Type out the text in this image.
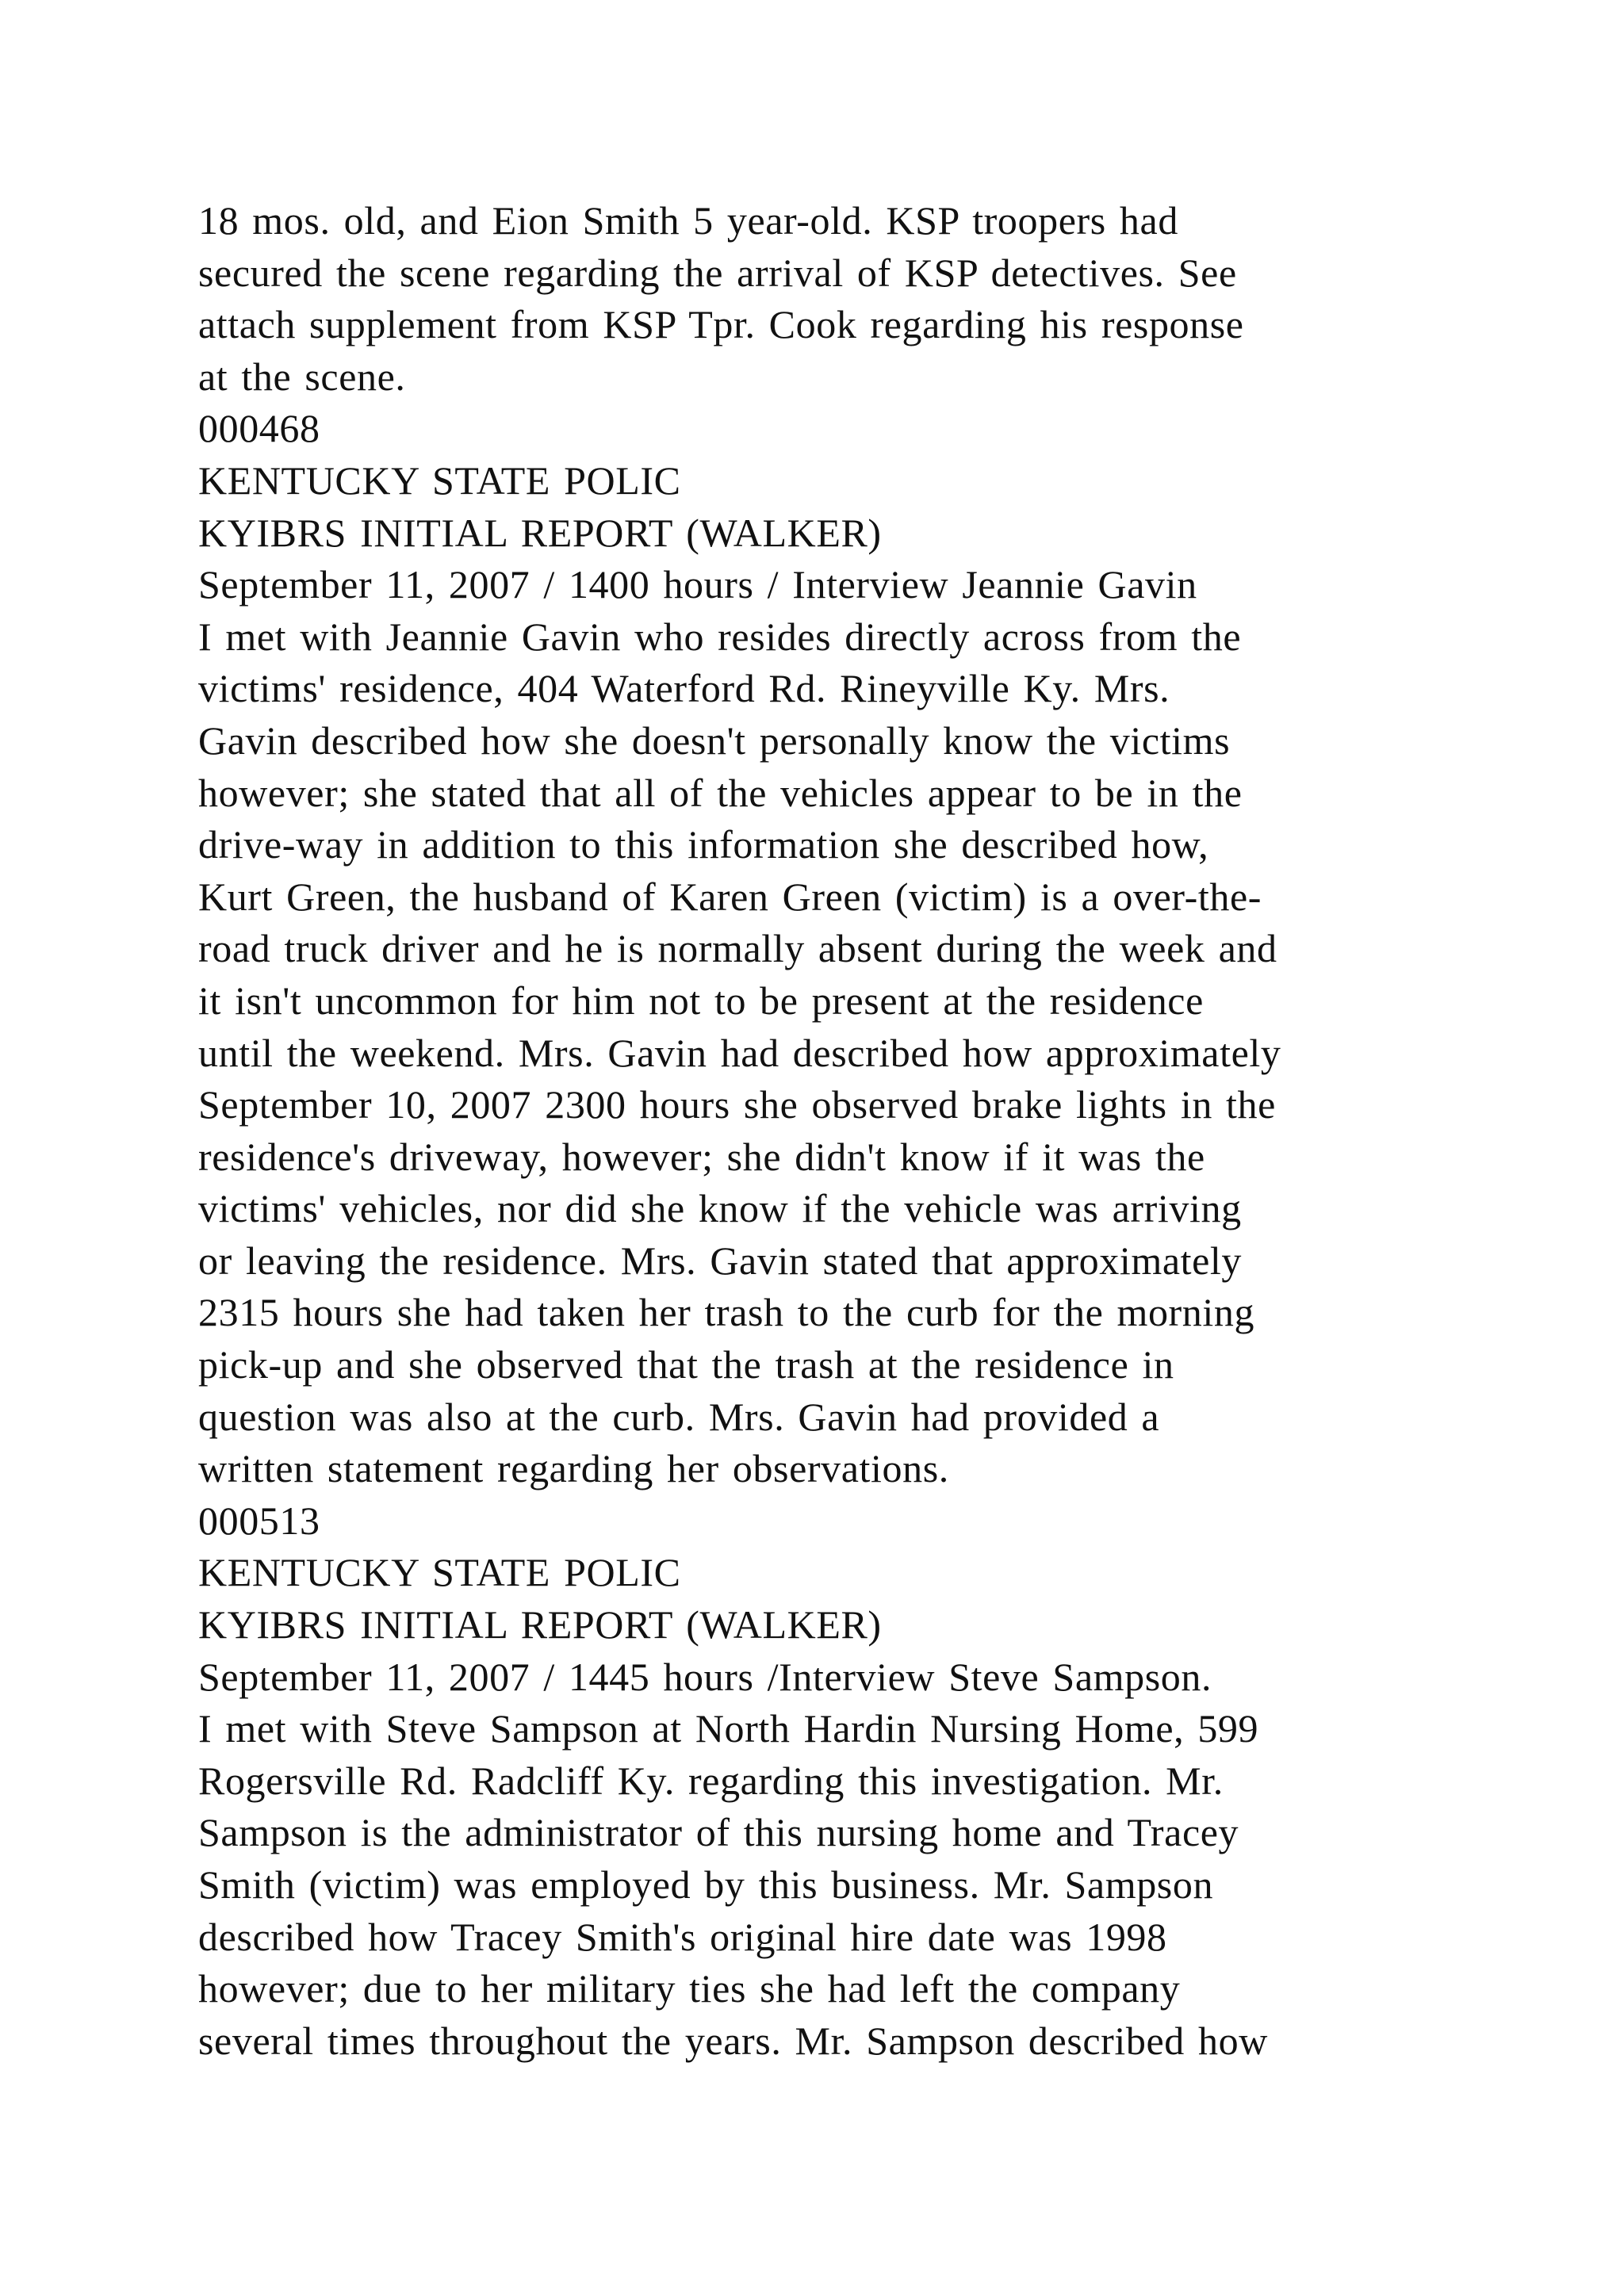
18 mos. old, and Eion Smith 5 year-old. KSP troopers had
secured the scene regarding the arrival of KSP detectives. See
attach supplement from KSP Tpr. Cook regarding his response
at the scene.
000468
KENTUCKY STATE POLIC
KYIBRS INITIAL REPORT (WALKER)
September 11, 2007 / 1400 hours / Interview Jeannie Gavin
I met with Jeannie Gavin who resides directly across from the
victims' residence, 404 Waterford Rd. Rineyville Ky. Mrs.
Gavin described how she doesn't personally know the victims
however; she stated that all of the vehicles appear to be in the
drive-way in addition to this information she described how,
Kurt Green, the husband of Karen Green (victim) is a over-the-
road truck driver and he is normally absent during the week and
it isn't uncommon for him not to be present at the residence
until the weekend. Mrs. Gavin had described how approximately
September 10, 2007 2300 hours she observed brake lights in the
residence's driveway, however; she didn't know if it was the
victims' vehicles, nor did she know if the vehicle was arriving
or leaving the residence. Mrs. Gavin stated that approximately
2315 hours she had taken her trash to the curb for the morning
pick-up and she observed that the trash at the residence in
question was also at the curb. Mrs. Gavin had provided a
written statement regarding her observations.
000513
KENTUCKY STATE POLIC
KYIBRS INITIAL REPORT (WALKER)
September 11, 2007 / 1445 hours /Interview Steve Sampson.
I met with Steve Sampson at North Hardin Nursing Home, 599
Rogersville Rd. Radcliff Ky. regarding this investigation. Mr.
Sampson is the administrator of this nursing home and Tracey
Smith (victim) was employed by this business. Mr. Sampson
described how Tracey Smith's original hire date was 1998
however; due to her military ties she had left the company
several times throughout the years. Mr. Sampson described how
